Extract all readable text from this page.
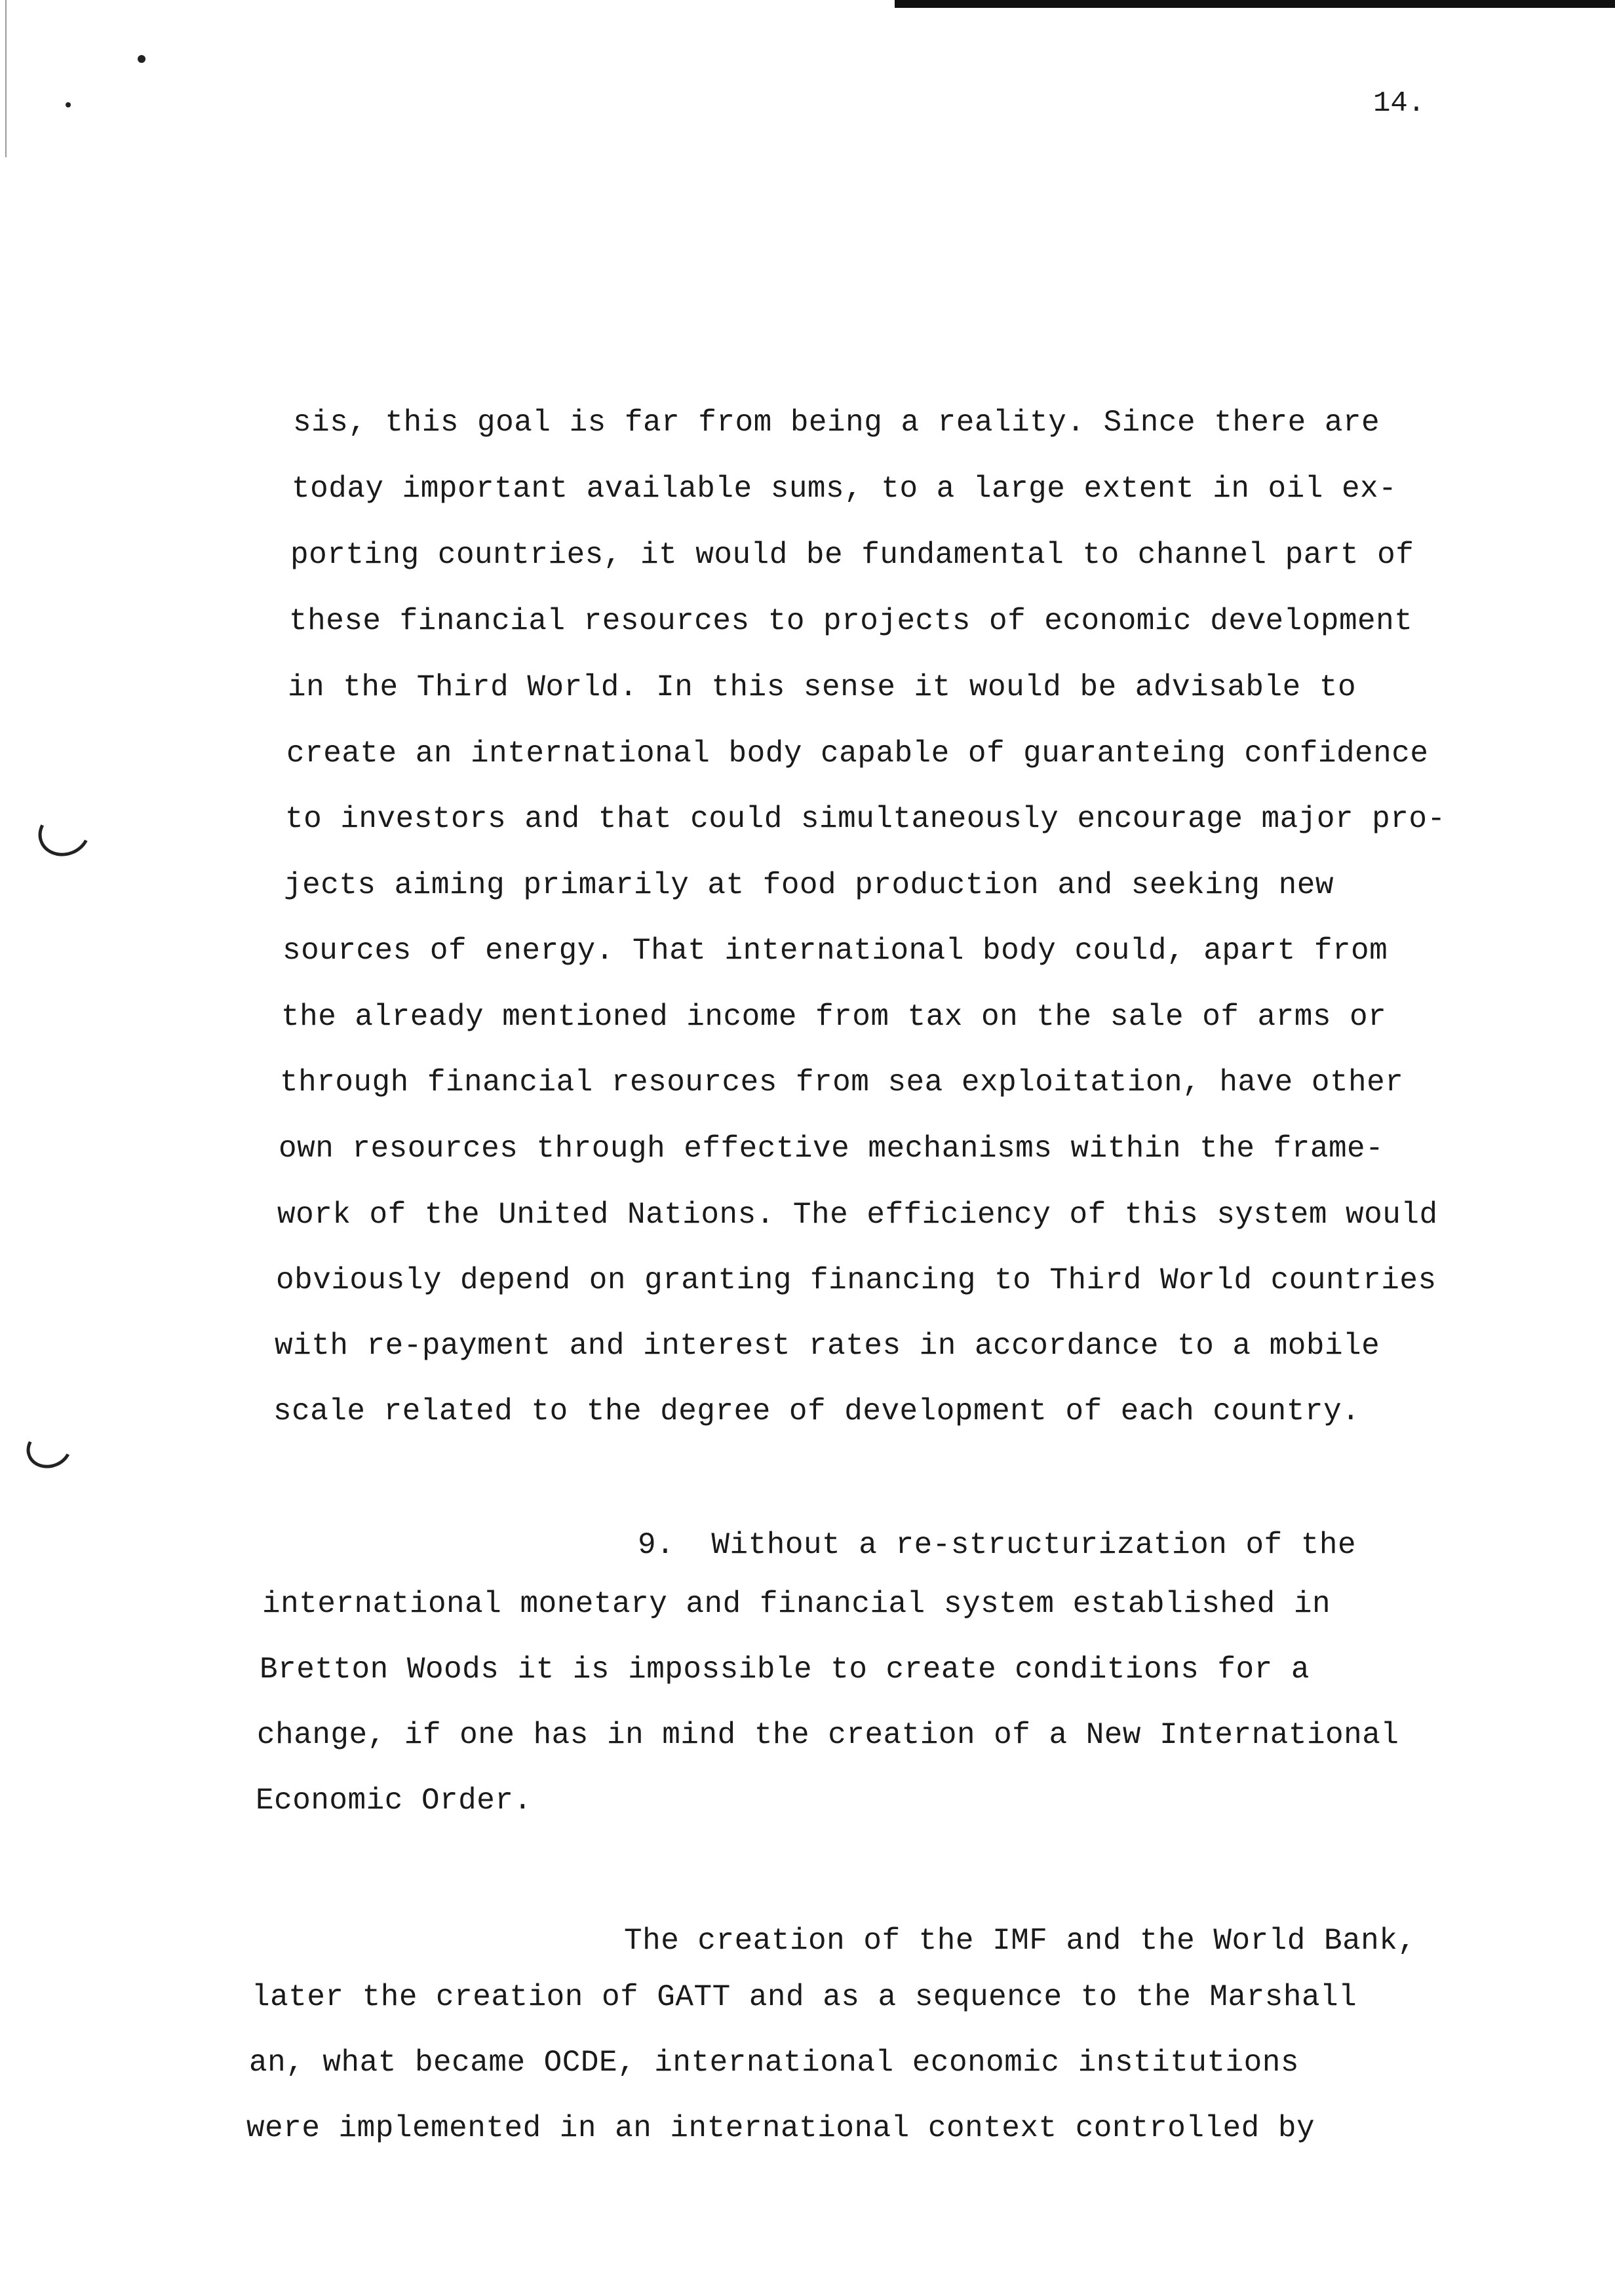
14.
sis, this goal is far from being a reality. Since there are
today important available sums, to a large extent in oil ex-
porting countries, it would be fundamental to channel part of
these financial resources to projects of economic development
in the Third World. In this sense it would be advisable to
create an international body capable of guaranteing confidence
to investors and that could simultaneously encourage major pro-
jects aiming primarily at food production and seeking new
sources of energy. That international body could, apart from
the already mentioned income from tax on the sale of arms or
through financial resources from sea exploitation, have other
own resources through effective mechanisms within the frame-
work of the United Nations. The efficiency of this system would
obviously depend on granting financing to Third World countries
with re-payment and interest rates in accordance to a mobile
scale related to the degree of development of each country.
9.  Without a re-structurization of the
international monetary and financial system established in
Bretton Woods it is impossible to create conditions for a
change, if one has in mind the creation of a New International
Economic Order.
The creation of the IMF and the World Bank,
later the creation of GATT and as a sequence to the Marshall
an, what became OCDE, international economic institutions
were implemented in an international context controlled by
